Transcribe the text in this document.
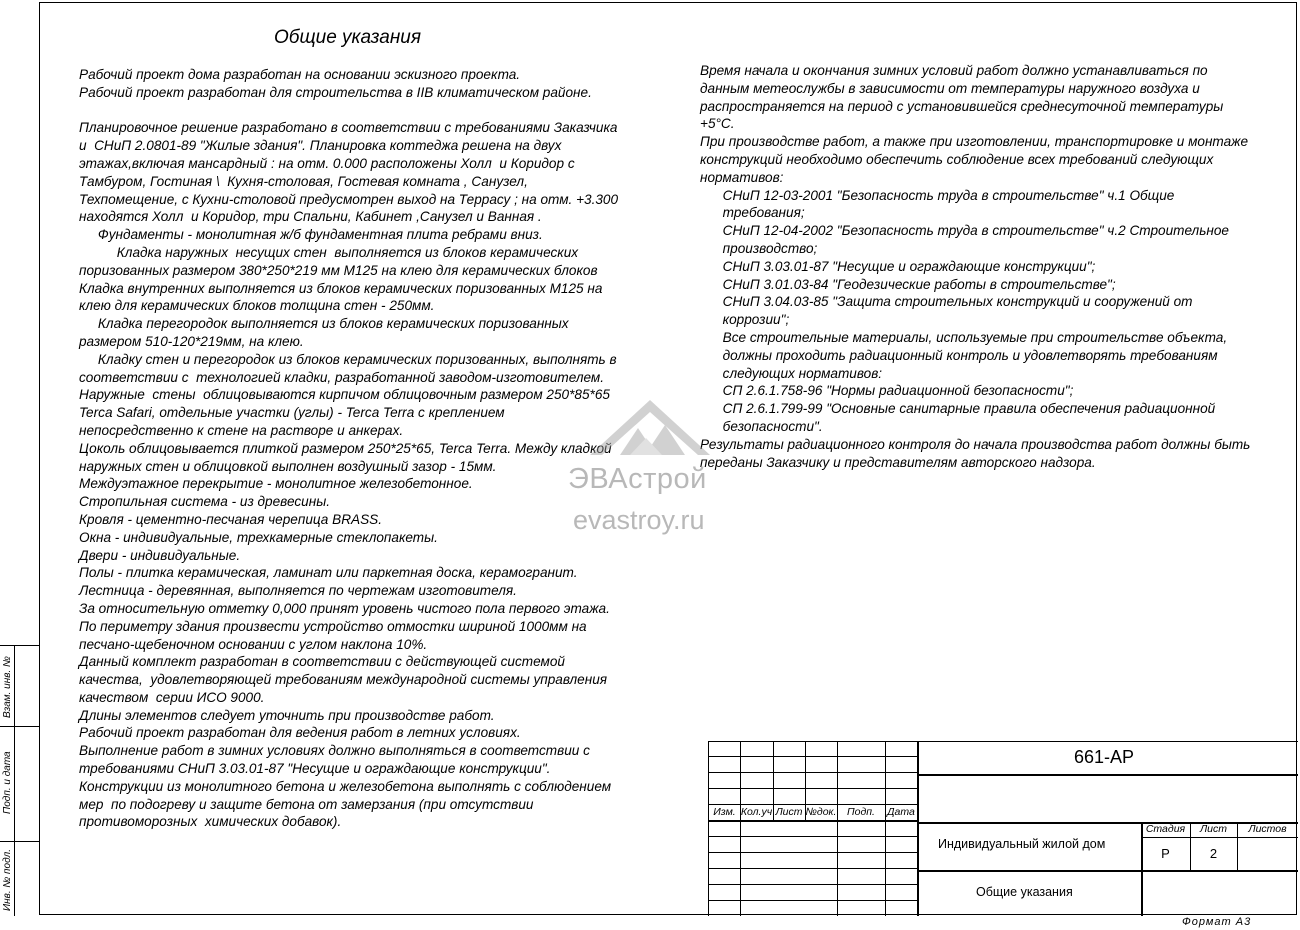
Взам. инв. №
Подп. и дата
Инв. № подл.
Общие указания
Рабочий проект дома разработан на основании эскизного проекта.
Рабочий проект разработан для строительства в IIВ климатическом районе.
Планировочное решение разработано в соответствии с требованиями Заказчика
и  СНиП 2.0801-89 "Жилые здания". Планировка коттеджа решена на двух
этажах,включая мансардный : на отм. 0.000 расположены Холл  и Коридор с
Тамбуром, Гостиная \  Кухня-столовая, Гостевая комната , Санузел,
Техпомещение, с Кухни-столовой предусмотрен выход на Террасу ; на отм. +3.300
находятся Холл  и Коридор, три Спальни, Кабинет ,Санузел и Ванная .
Фундаменты - монолитная ж/б фундаментная плита ребрами вниз.
Кладка наружных  несущих стен  выполняется из блоков керамических
поризованных размером 380*250*219 мм М125 на клею для керамических блоков
Кладка внутренних выполняется из блоков керамических поризованных М125 на
клею для керамических блоков толщина стен - 250мм.
Кладка перегородок выполняется из блоков керамических поризованных
размером 510-120*219мм, на клею.
Кладку стен и перегородок из блоков керамических поризованных, выполнять в
соответствии с  технологией кладки, разработанной заводом-изготовителем.
Наружные  стены  облицовываются кирпичом облицовочным размером 250*85*65
Terca Safari, отдельные участки (углы) - Terca Terra с креплением
непосредственно к стене на растворе и анкерах.
Цоколь облицовывается плиткой размером 250*25*65, Terca Terra. Между кладкой
наружных стен и облицовкой выполнен воздушный зазор - 15мм.
Междуэтажное перекрытие - монолитное железобетонное.
Стропильная система - из древесины.
Кровля - цементно-песчаная черепица BRASS.
Окна - индивидуальные, трехкамерные стеклопакеты.
Двери - индивидуальные.
Полы - плитка керамическая, ламинат или паркетная доска, керамогранит.
Лестница - деревянная, выполняется по чертежам изготовителя.
За относительную отметку 0,000 принят уровень чистого пола первого этажа.
По периметру здания произвести устройство отмостки шириной 1000мм на
песчано-щебеночном основании с углом наклона 10%.
Данный комплект разработан в соответствии с действующей системой
качества,  удовлетворяющей требованиям международной системы управления
качеством  серии ИСО 9000.
Длины элементов следует уточнить при производстве работ.
Рабочий проект разработан для ведения работ в летних условиях.
Выполнение работ в зимних условиях должно выполняться в соответствии с
требованиями СНиП 3.03.01-87 "Несущие и ограждающие конструкции".
Конструкции из монолитного бетона и железобетона выполнять с соблюдением
мер  по подогреву и защите бетона от замерзания (при отсутствии
противоморозных  химических добавок).
Время начала и окончания зимних условий работ должно устанавливаться по
данным метеослужбы в зависимости от температуры наружного воздуха и
распространяется на период с установившейся среднесуточной температуры
+5°С.
При производстве работ, а также при изготовлении, транспортировке и монтаже
конструкций необходимо обеспечить соблюдение всех требований следующих
нормативов:
СНиП 12-03-2001 "Безопасность труда в строительстве" ч.1 Общие
требования;
СНиП 12-04-2002 "Безопасность труда в строительстве" ч.2 Строительное
производство;
СНиП 3.03.01-87 "Несущие и ограждающие конструкции";
СНиП 3.01.03-84 "Геодезические работы в строительстве";
СНиП 3.04.03-85 "Защита строительных конструкций и сооружений от
коррозии";
Все строительные материалы, используемые при строительстве объекта,
должны проходить радиационный контроль и удовлетворять требованиям
следующих нормативов:
СП 2.6.1.758-96 "Нормы радиационной безопасности";
СП 2.6.1.799-99 "Основные санитарные правила обеспечения радиационной
безопасности".
Результаты радиационного контроля до начала производства работ должны быть
переданы Заказчику и представителям авторского надзора.
ЭВАстрой
evastroy.ru
Изм. Кол.уч Лист №док.	Подп.	Дата
Стадия	Лист	Листов
Р	2
661-АР
Индивидуальный жилой дом
Общие указания
Формат А3
